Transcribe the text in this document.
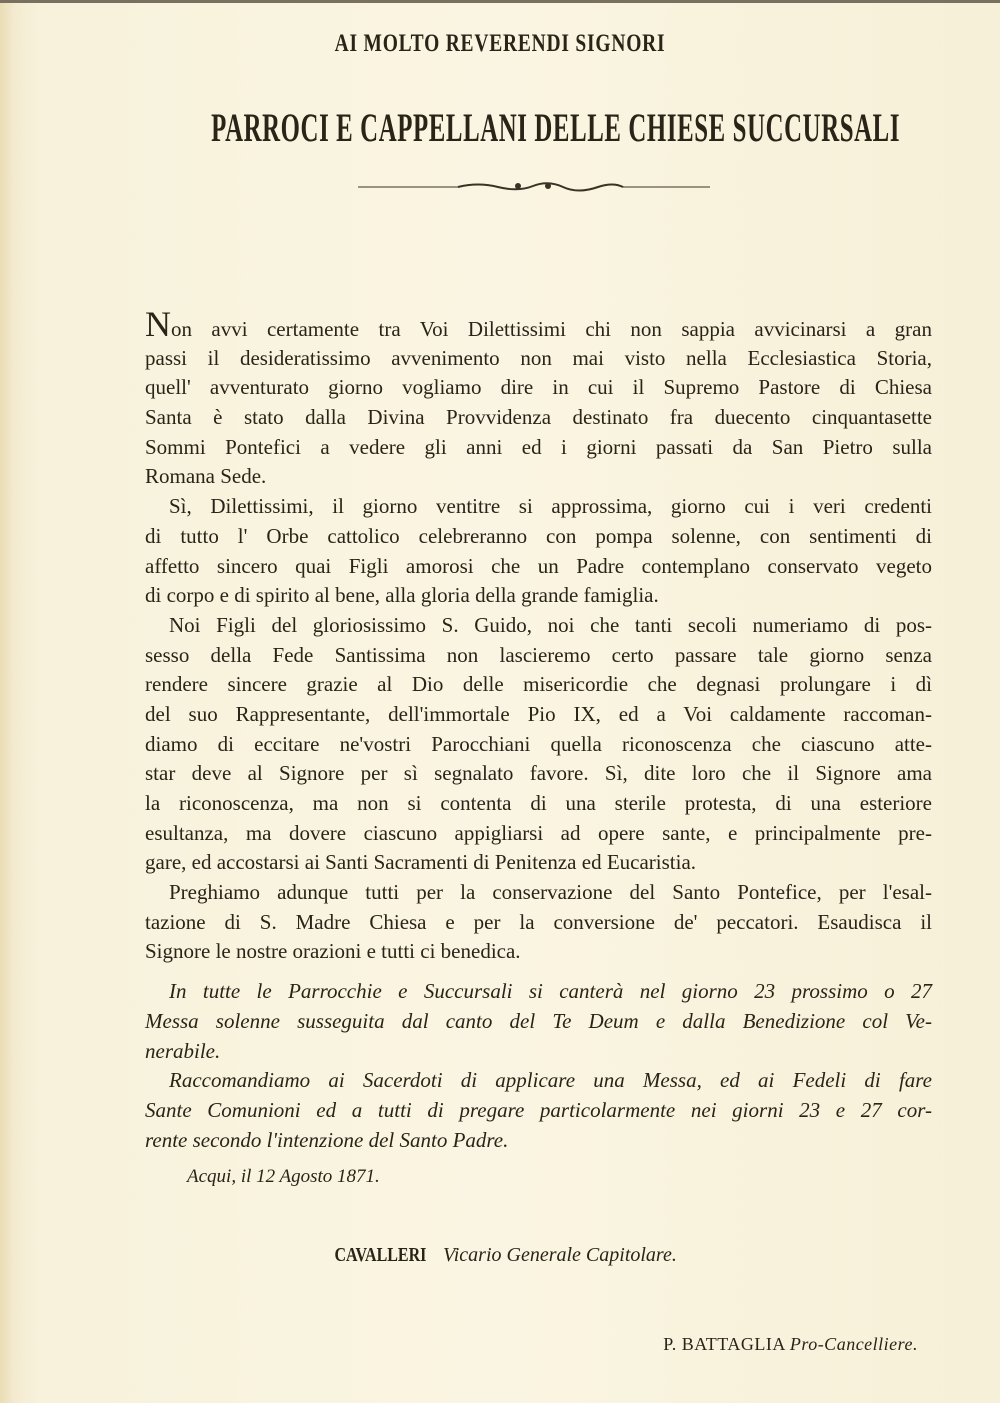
AI MOLTO REVERENDI SIGNORI
PARROCI E CAPPELLANI DELLE CHIESE SUCCURSALI
Non avvi certamente tra Voi Dilettissimi chi non sappia avvicinarsi a gran
passi il desideratissimo avvenimento non mai visto nella Ecclesiastica Storia,
quell' avventurato giorno vogliamo dire in cui il Supremo Pastore di Chiesa
Santa è stato dalla Divina Provvidenza destinato fra duecento cinquantasette
Sommi Pontefici a vedere gli anni ed i giorni passati da San Pietro sulla
Romana Sede.
Sì, Dilettissimi, il giorno ventitre si approssima, giorno cui i veri credenti
di tutto l' Orbe cattolico celebreranno con pompa solenne, con sentimenti di
affetto sincero quai Figli amorosi che un Padre contemplano conservato vegeto
di corpo e di spirito al bene, alla gloria della grande famiglia.
Noi Figli del gloriosissimo S. Guido, noi che tanti secoli numeriamo di pos-
sesso della Fede Santissima non lascieremo certo passare tale giorno senza
rendere sincere grazie al Dio delle misericordie che degnasi prolungare i dì
del suo Rappresentante, dell'immortale Pio IX, ed a Voi caldamente raccoman-
diamo di eccitare ne'vostri Parocchiani quella riconoscenza che ciascuno atte-
star deve al Signore per sì segnalato favore. Sì, dite loro che il Signore ama
la riconoscenza, ma non si contenta di una sterile protesta, di una esteriore
esultanza, ma dovere ciascuno appigliarsi ad opere sante, e principalmente pre-
gare, ed accostarsi ai Santi Sacramenti di Penitenza ed Eucaristia.
Preghiamo adunque tutti per la conservazione del Santo Pontefice, per l'esal-
tazione di S. Madre Chiesa e per la conversione de' peccatori. Esaudisca il
Signore le nostre orazioni e tutti ci benedica.
In tutte le Parrocchie e Succursali si canterà nel giorno 23 prossimo o 27
Messa solenne susseguita dal canto del Te Deum e dalla Benedizione col Ve-
nerabile.
Raccomandiamo ai Sacerdoti di applicare una Messa, ed ai Fedeli di fare
Sante Comunioni ed a tutti di pregare particolarmente nei giorni 23 e 27 cor-
rente secondo l'intenzione del Santo Padre.
Acqui, il 12 Agosto 1871.
CAVALLERI Vicario Generale Capitolare.
P. BATTAGLIA Pro-Cancelliere.
